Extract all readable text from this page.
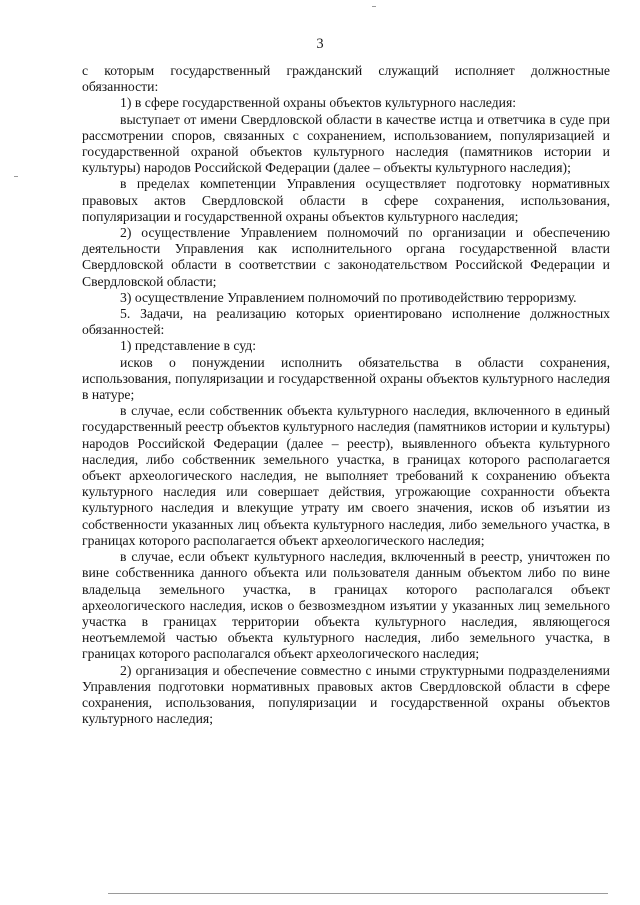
3

с которым государственный гражданский служащий исполняет должностные обязанности:

1) в сфере государственной охраны объектов культурного наследия:

выступает от имени Свердловской области в качестве истца и ответчика в суде при рассмотрении споров, связанных с сохранением, использованием, популяризацией и государственной охраной объектов культурного наследия (памятников истории и культуры) народов Российской Федерации (далее – объекты культурного наследия);

в пределах компетенции Управления осуществляет подготовку нормативных правовых актов Свердловской области в сфере сохранения, использования, популяризации и государственной охраны объектов культурного наследия;

2) осуществление Управлением полномочий по организации и обеспечению деятельности Управления как исполнительного органа государственной власти Свердловской области в соответствии с законодательством Российской Федерации и Свердловской области;

3) осуществление Управлением полномочий по противодействию терроризму.

5. Задачи, на реализацию которых ориентировано исполнение должностных обязанностей:

1) представление в суд:

исков о понуждении исполнить обязательства в области сохранения, использования, популяризации и государственной охраны объектов культурного наследия в натуре;

в случае, если собственник объекта культурного наследия, включенного в единый государственный реестр объектов культурного наследия (памятников истории и культуры) народов Российской Федерации (далее – реестр), выявленного объекта культурного наследия, либо собственник земельного участка, в границах которого располагается объект археологического наследия, не выполняет требований к сохранению объекта культурного наследия или совершает действия, угрожающие сохранности объекта культурного наследия и влекущие утрату им своего значения, исков об изъятии из собственности указанных лиц объекта культурного наследия, либо земельного участка, в границах которого располагается объект археологического наследия;

в случае, если объект культурного наследия, включенный в реестр, уничтожен по вине собственника данного объекта или пользователя данным объектом либо по вине владельца земельного участка, в границах которого располагался объект археологического наследия, исков о безвозмездном изъятии у указанных лиц земельного участка в границах территории объекта культурного наследия, являющегося неотъемлемой частью объекта культурного наследия, либо земельного участка, в границах которого располагался объект археологического наследия;

2) организация и обеспечение совместно с иными структурными подразделениями Управления подготовки нормативных правовых актов Свердловской области в сфере сохранения, использования, популяризации и государственной охраны объектов культурного наследия;
